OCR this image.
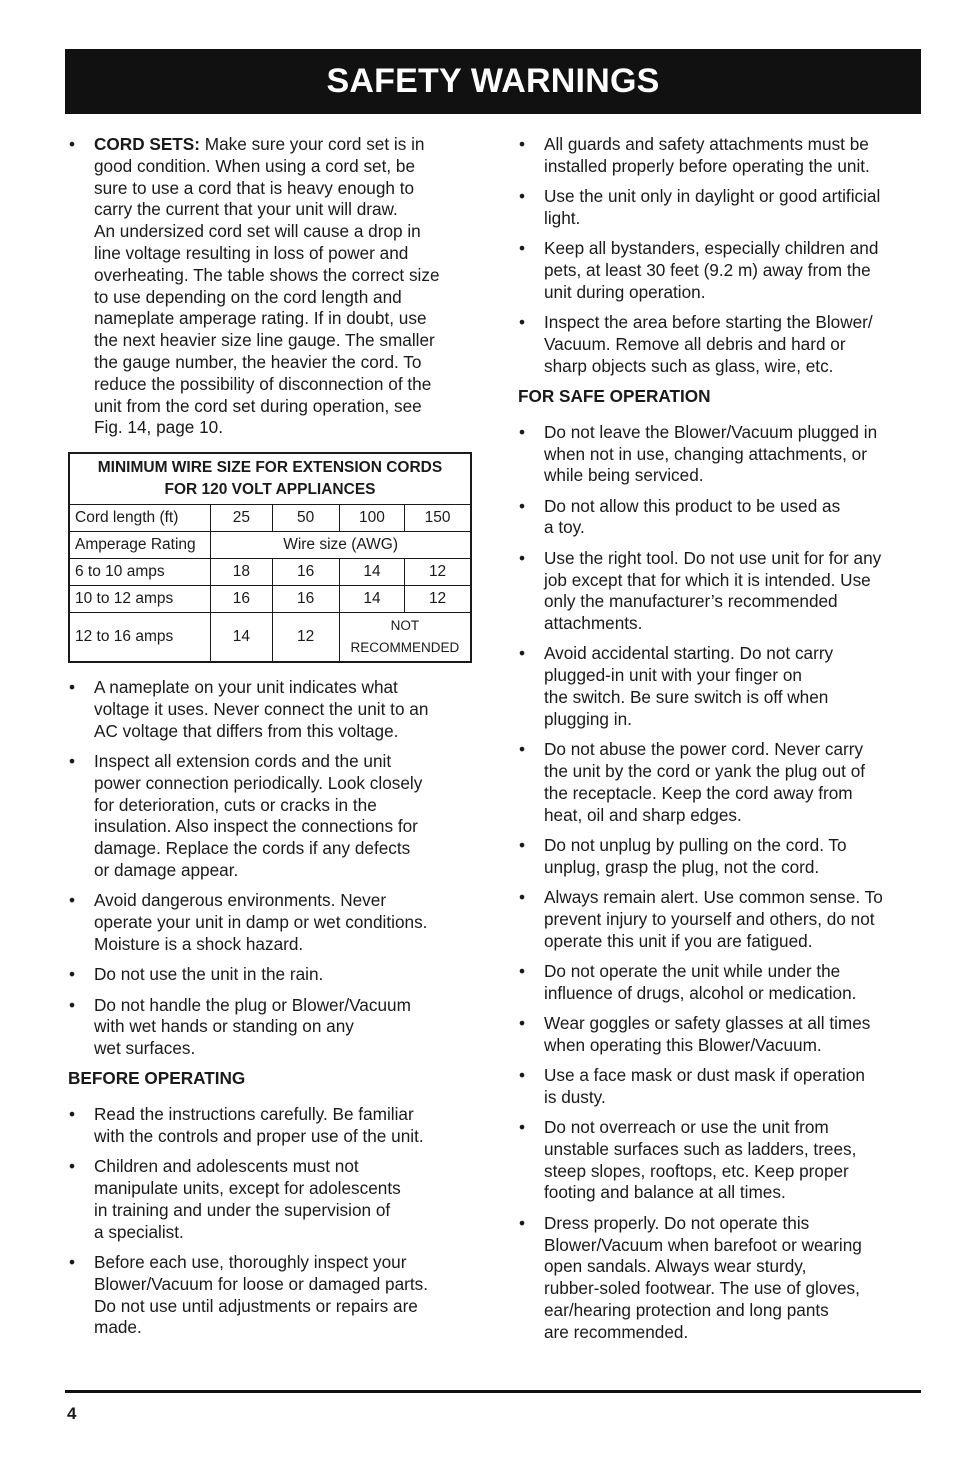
SAFETY WARNINGS
• CORD SETS: Make sure your cord set is in
good condition. When using a cord set, be
sure to use a cord that is heavy enough to
carry the current that your unit will draw.
An undersized cord set will cause a drop in
line voltage resulting in loss of power and
overheating. The table shows the correct size
to use depending on the cord length and
nameplate amperage rating. If in doubt, use
the next heavier size line gauge. The smaller
the gauge number, the heavier the cord. To
reduce the possibility of disconnection of the
unit from the cord set during operation, see
Fig. 14, page 10.
MINIMUM WIRE SIZE FOR EXTENSION CORDS
FOR 120 VOLT APPLIANCES				
Cord length (ft)	25	50	100	150
Amperage Rating	Wire size (AWG)			
6 to 10 amps	18	16	14	12
10 to 12 amps	16	16	14	12
12 to 16 amps	14	12	NOT
RECOMMENDED	
• A nameplate on your unit indicates what
voltage it uses. Never connect the unit to an
AC voltage that differs from this voltage.
• Inspect all extension cords and the unit
power connection periodically. Look closely
for deterioration, cuts or cracks in the
insulation. Also inspect the connections for
damage. Replace the cords if any defects
or damage appear.
• Avoid dangerous environments. Never
operate your unit in damp or wet conditions.
Moisture is a shock hazard.
• Do not use the unit in the rain.
• Do not handle the plug or Blower/Vacuum
with wet hands or standing on any
wet surfaces.
BEFORE OPERATING
• Read the instructions carefully. Be familiar
with the controls and proper use of the unit.
• Children and adolescents must not
manipulate units, except for adolescents
in training and under the supervision of
a specialist.
• Before each use, thoroughly inspect your
Blower/Vacuum for loose or damaged parts.
Do not use until adjustments or repairs are
made.
• All guards and safety attachments must be
installed properly before operating the unit.
• Use the unit only in daylight or good artificial
light.
• Keep all bystanders, especially children and
pets, at least 30 feet (9.2 m) away from the
unit during operation.
• Inspect the area before starting the Blower/
Vacuum. Remove all debris and hard or
sharp objects such as glass, wire, etc.
FOR SAFE OPERATION
• Do not leave the Blower/Vacuum plugged in
when not in use, changing attachments, or
while being serviced.
• Do not allow this product to be used as
a toy.
• Use the right tool. Do not use unit for for any
job except that for which it is intended. Use
only the manufacturer’s recommended
attachments.
• Avoid accidental starting. Do not carry
plugged-in unit with your finger on
the switch. Be sure switch is off when
plugging in.
• Do not abuse the power cord. Never carry
the unit by the cord or yank the plug out of
the receptacle. Keep the cord away from
heat, oil and sharp edges.
• Do not unplug by pulling on the cord. To
unplug, grasp the plug, not the cord.
• Always remain alert. Use common sense. To
prevent injury to yourself and others, do not
operate this unit if you are fatigued.
• Do not operate the unit while under the
influence of drugs, alcohol or medication.
• Wear goggles or safety glasses at all times
when operating this Blower/Vacuum.
• Use a face mask or dust mask if operation
is dusty.
• Do not overreach or use the unit from
unstable surfaces such as ladders, trees,
steep slopes, rooftops, etc. Keep proper
footing and balance at all times.
• Dress properly. Do not operate this
Blower/Vacuum when barefoot or wearing
open sandals. Always wear sturdy,
rubber-soled footwear. The use of gloves,
ear/hearing protection and long pants
are recommended.
4
